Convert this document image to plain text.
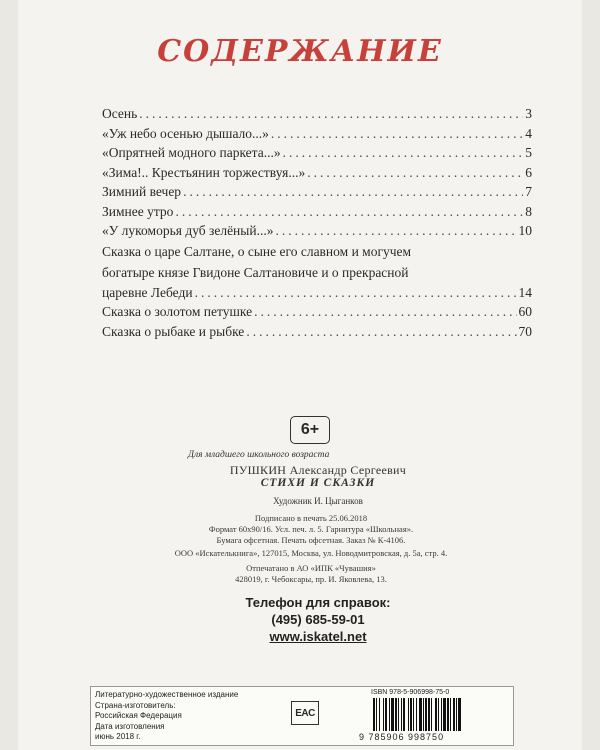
СОДЕРЖАНИЕ
Осень .....	3
«Уж небо осенью дышало...» .....	4
«Опрятней модного паркета...» .....	5
«Зима!.. Крестьянин торжествуя...» .....	6
Зимний вечер .....	7
Зимнее утро .....	8
«У лукоморья дуб зелёный...» .....	10
Сказка о царе Салтане, о сыне его славном и могучем
богатыре князе Гвидоне Салтановиче и о прекрасной
царевне Лебеди .....	14
Сказка о золотом петушке .....	60
Сказка о рыбаке и рыбке .....	70
6+
Для младшего школьного возраста
ПУШКИН Александр Сергеевич
СТИХИ И СКАЗКИ
Художник И. Цыганков
Подписано в печать 25.06.2018
Формат 60х90/16. Усл. печ. л. 5. Гарнитура «Школьная».
Бумага офсетная. Печать офсетная. Заказ № К-4106.
ООО «Искателькнига», 127015, Москва, ул. Новодмитровская, д. 5а, стр. 4.
Отпечатано в АО «ИПК «Чувашия»
428019, г. Чебоксары, пр. И. Яковлева, 13.
Телефон для справок:
(495) 685-59-01
www.iskatel.net
Литературно-художественное издание
Страна-изготовитель:
Российская Федерация
Дата изготовления
июнь 2018 г.
EAC
ISBN 978-5-906998-75-0
9 785906 998750
